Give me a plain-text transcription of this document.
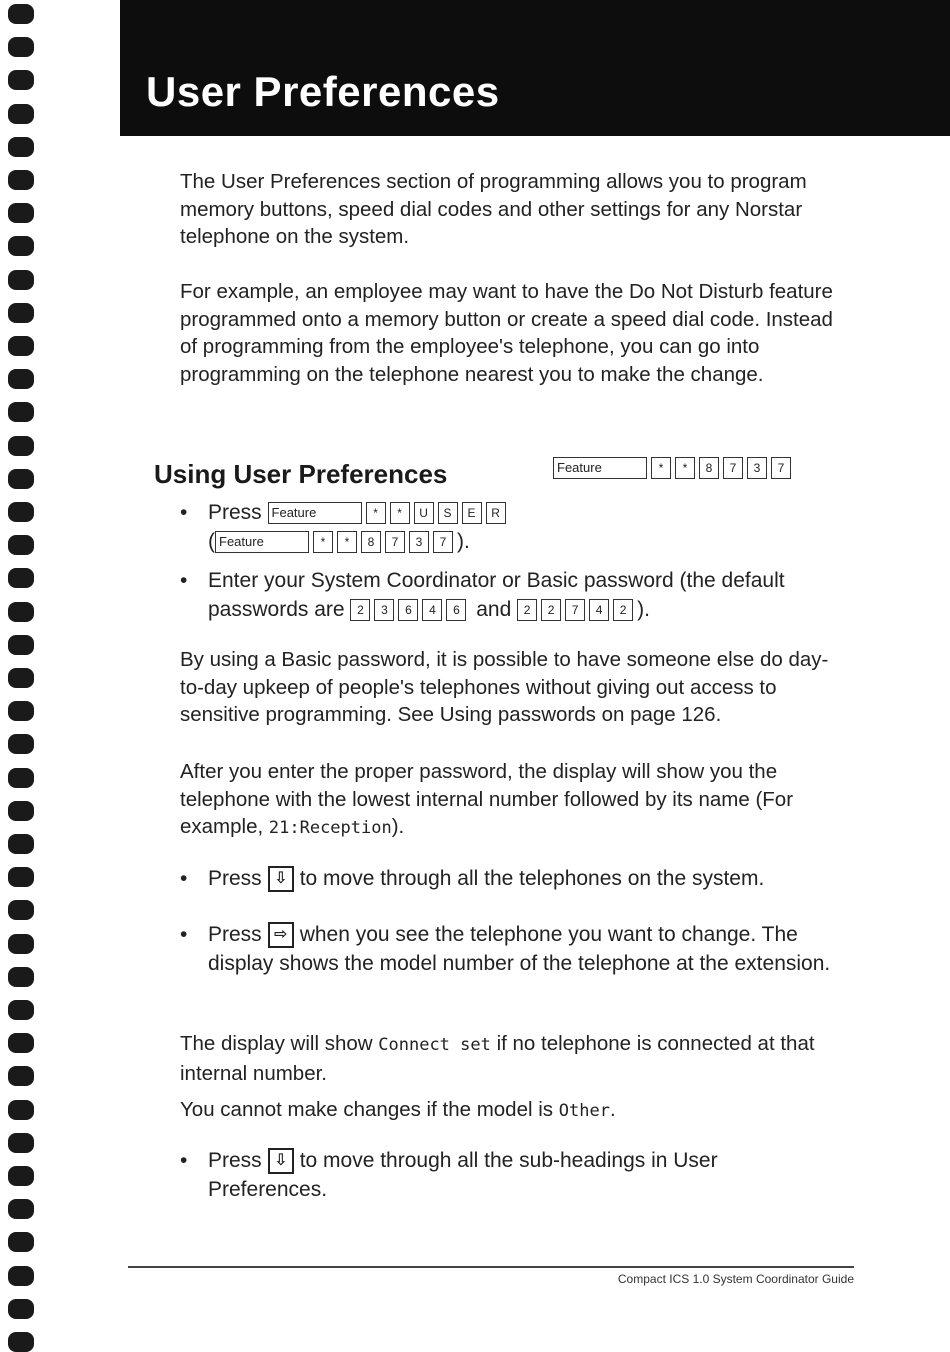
User Preferences

The User Preferences section of programming allows you to program memory buttons, speed dial codes and other settings for any Norstar telephone on the system.

For example, an employee may want to have the Do Not Disturb feature programmed onto a memory button or create a speed dial code. Instead of programming from the employee's telephone, you can go into programming on the telephone nearest you to make the change.

Using User Preferences	Feature	* * 8 7 3 7
• Press Feature	* * U S E R
( Feature	* * 8 7 3 7 ).
• Enter your System Coordinator or Basic password (the default
passwords are 2 3 6 4 6 and 2 2 7 4 2 ).

By using a Basic password, it is possible to have someone else do day-to-day upkeep of people's telephones without giving out access to sensitive programming. See Using passwords on page 126.

After you enter the proper password, the display will show you the telephone with the lowest internal number followed by its name (For example, 21:Reception).

• Press ⇩ to move through all the telephones on the system.
• Press ⇨ when you see the telephone you want to change. The display shows the model number of the telephone at the extension.

The display will show Connect set if no telephone is connected at that internal number.

You cannot make changes if the model is Other.

• Press ⇩ to move through all the sub-headings in User Preferences.
Compact ICS 1.0 System Coordinator Guide
